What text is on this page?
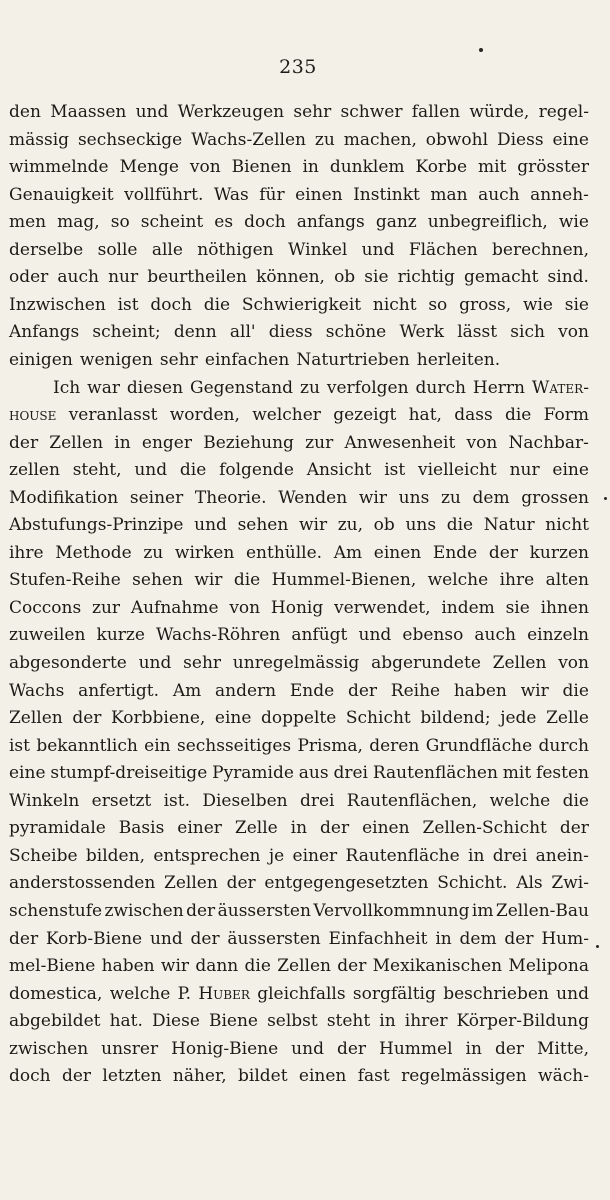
235
den Maassen und Werkzeugen sehr schwer fallen würde, regel-
mässig sechseckige Wachs-Zellen zu machen, obwohl Diess eine
wimmelnde Menge von Bienen in dunklem Korbe mit grösster
Genauigkeit vollführt. Was für einen Instinkt man auch anneh-
men mag, so scheint es doch anfangs ganz unbegreiflich, wie
derselbe solle alle nöthigen Winkel und Flächen berechnen,
oder auch nur beurtheilen können, ob sie richtig gemacht sind.
Inzwischen ist doch die Schwierigkeit nicht so gross, wie sie
Anfangs scheint; denn all' diess schöne Werk lässt sich von
einigen wenigen sehr einfachen Naturtrieben herleiten.
Ich war diesen Gegenstand zu verfolgen durch Herrn Water-
house veranlasst worden, welcher gezeigt hat, dass die Form
der Zellen in enger Beziehung zur Anwesenheit von Nachbar-
zellen steht, und die folgende Ansicht ist vielleicht nur eine
Modifikation seiner Theorie. Wenden wir uns zu dem grossen
Abstufungs-Prinzipe und sehen wir zu, ob uns die Natur nicht
ihre Methode zu wirken enthülle. Am einen Ende der kurzen
Stufen-Reihe sehen wir die Hummel-Bienen, welche ihre alten
Coccons zur Aufnahme von Honig verwendet, indem sie ihnen
zuweilen kurze Wachs-Röhren anfügt und ebenso auch einzeln
abgesonderte und sehr unregelmässig abgerundete Zellen von
Wachs anfertigt. Am andern Ende der Reihe haben wir die
Zellen der Korbbiene, eine doppelte Schicht bildend; jede Zelle
ist bekanntlich ein sechsseitiges Prisma, deren Grundfläche durch
eine stumpf-dreiseitige Pyramide aus drei Rautenflächen mit festen
Winkeln ersetzt ist. Dieselben drei Rautenflächen, welche die
pyramidale Basis einer Zelle in der einen Zellen-Schicht der
Scheibe bilden, entsprechen je einer Rautenfläche in drei anein-
anderstossenden Zellen der entgegengesetzten Schicht. Als Zwi-
schenstufe zwischen der äussersten Vervollkommnung im Zellen-Bau
der Korb-Biene und der äussersten Einfachheit in dem der Hum-
mel-Biene haben wir dann die Zellen der Mexikanischen Melipona
domestica, welche P. Huber gleichfalls sorgfältig beschrieben und
abgebildet hat. Diese Biene selbst steht in ihrer Körper-Bildung
zwischen unsrer Honig-Biene und der Hummel in der Mitte,
doch der letzten näher, bildet einen fast regelmässigen wäch-
